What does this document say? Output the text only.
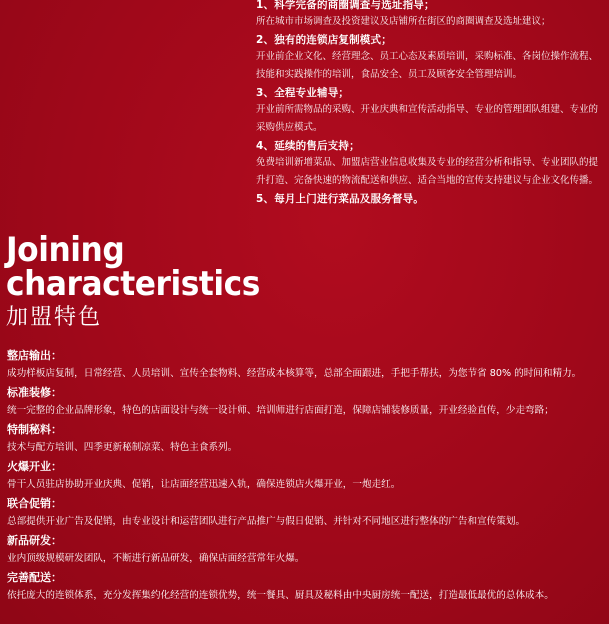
1、科学完备的商圈调查与选址指导；
所在城市市场调查及投资建议及店铺所在街区的商圈调查及选址建议；
2、独有的连锁店复制模式；
开业前企业文化、经营理念、员工心态及素质培训，采购标准、各岗位操作流程、
技能和实践操作的培训，食品安全、员工及顾客安全管理培训。
3、全程专业辅导；
开业前所需物品的采购、开业庆典和宣传活动指导、专业的管理团队组建、专业的
采购供应模式。
4、延续的售后支持；
免费培训新增菜品、加盟店营业信息收集及专业的经营分析和指导、专业团队的提
升打造、完备快速的物流配送和供应、适合当地的宣传支持建议与企业文化传播。
5、每月上门进行菜品及服务督导。
Joining
characteristics
加盟特色
整店输出：
成功样板店复制，日常经营、人员培训、宣传全套物料、经营成本核算等，总部全面跟进，手把手帮扶，为您节省 80% 的时间和精力。
标准装修：
统一完整的企业品牌形象，特色的店面设计与统一设计师、培训师进行店面打造，保障店铺装修质量，开业经验直传，少走弯路；
特制秘料：
技术与配方培训、四季更新秘制凉菜、特色主食系列。
火爆开业：
骨干人员驻店协助开业庆典、促销，让店面经营迅速入轨，确保连锁店火爆开业，一炮走红。
联合促销：
总部提供开业广告及促销，由专业设计和运营团队进行产品推广与假日促销、并针对不同地区进行整体的广告和宣传策划。
新品研发：
业内顶级规模研发团队，不断进行新品研发，确保店面经营常年火爆。
完善配送：
依托庞大的连锁体系，充分发挥集约化经营的连锁优势，统一餐具、厨具及秘料由中央厨房统一配送，打造最低最优的总体成本。
